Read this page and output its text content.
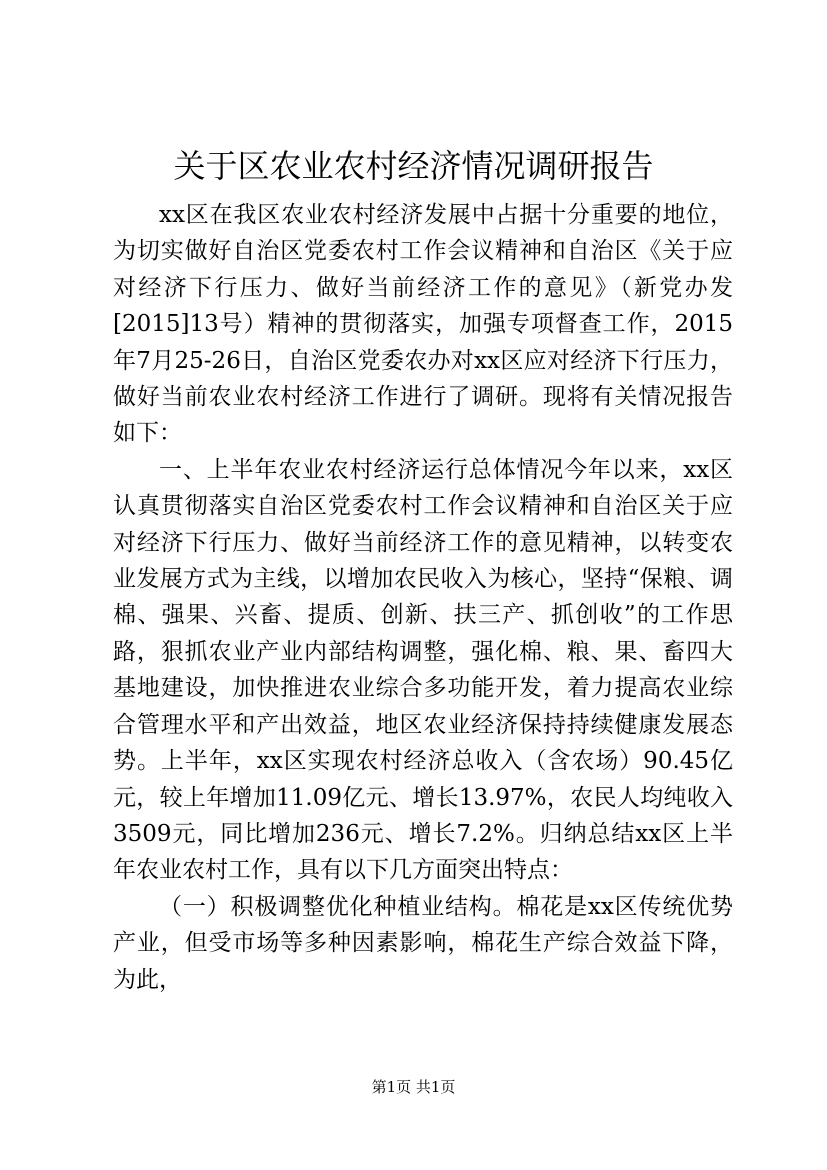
关于区农业农村经济情况调研报告

xx区在我区农业农村经济发展中占据十分重要的地位，为切实做好自治区党委农村工作会议精神和自治区《关于应对经济下行压力、做好当前经济工作的意见》（新党办发[2015]13号）精神的贯彻落实，加强专项督查工作，2015年7月25-26日，自治区党委农办对xx区应对经济下行压力，做好当前农业农村经济工作进行了调研。现将有关情况报告如下：

一、上半年农业农村经济运行总体情况今年以来，xx区认真贯彻落实自治区党委农村工作会议精神和自治区关于应对经济下行压力、做好当前经济工作的意见精神，以转变农业发展方式为主线，以增加农民收入为核心，坚持“保粮、调棉、强果、兴畜、提质、创新、扶三产、抓创收”的工作思路，狠抓农业产业内部结构调整，强化棉、粮、果、畜四大基地建设，加快推进农业综合多功能开发，着力提高农业综合管理水平和产出效益，地区农业经济保持持续健康发展态势。上半年，xx区实现农村经济总收入（含农场）90.45亿元，较上年增加11.09亿元、增长13.97%，农民人均纯收入3509元，同比增加236元、增长7.2%。归纳总结xx区上半年农业农村工作，具有以下几方面突出特点：

（一）积极调整优化种植业结构。棉花是xx区传统优势产业，但受市场等多种因素影响，棉花生产综合效益下降，为此，

第1页 共1页
